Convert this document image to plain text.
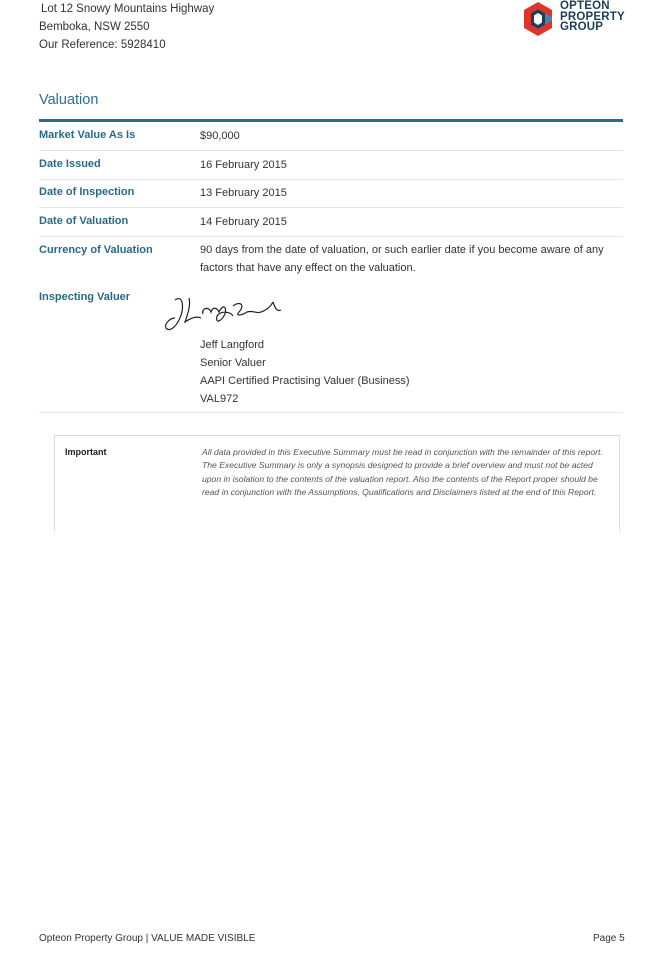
Lot 12 Snowy Mountains Highway
Bemboka, NSW 2550
Our Reference: 5928410
OPTEON
PROPERTY
GROUP
Valuation
Market Value As Is	$90,000
Date Issued	16 February 2015
Date of Inspection	13 February 2015
Date of Valuation	14 February 2015
Currency of Valuation	90 days from the date of valuation, or such earlier date if you become aware of any factors that have any effect on the valuation.
Inspecting Valuer
Jeff Langford
Senior Valuer
AAPI Certified Practising Valuer (Business)
VAL972
Important	All data provided in this Executive Summary must be read in conjunction with the remainder of this report. The Executive Summary is only a synopsis designed to provide a brief overview and must not be acted upon in isolation to the contents of the valuation report. Also the contents of the Report proper should be read in conjunction with the Assumptions, Qualifications and Disclaimers listed at the end of this Report.
Opteon Property Group | VALUE MADE VISIBLE	Page 5
